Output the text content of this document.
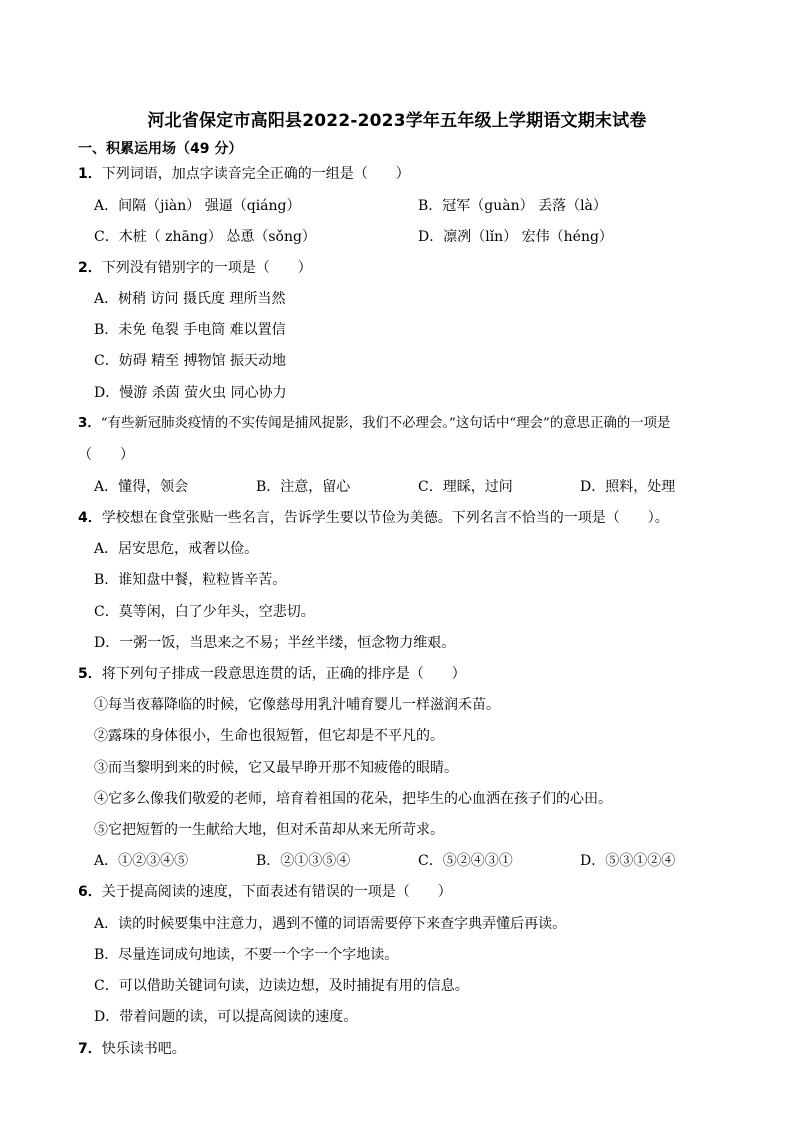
河北省保定市高阳县2022-2023学年五年级上学期语文期末试卷
一、积累运用场（49 分）
1．下列词语，加点字读音完全正确的一组是（　　）
A．间隔（jiàn） 强逼（qiáng）	B．冠军（guàn） 丢落（là）
C．木桩（ zhāng） 怂恿（sǒng）	D．凛冽（lǐn） 宏伟（héng）
2．下列没有错别字的一项是（　　）
A．树稍 访问 摄氏度 理所当然
B．未免 龟裂 手电筒 难以置信
C．妨碍 精至 搏物馆 振天动地
D．慢游 杀茵 萤火虫 同心协力
3．“有些新冠肺炎疫情的不实传闻是捕风捉影，我们不必理会。”这句话中“理会”的意思正确的一项是
（　　）
A．懂得，领会	B．注意，留心	C．理睬，过问	D．照料，处理
4．学校想在食堂张贴一些名言，告诉学生要以节俭为美德。下列名言不恰当的一项是（　　）。
A．居安思危，戒奢以俭。
B．谁知盘中餐，粒粒皆辛苦。
C．莫等闲，白了少年头，空悲切。
D．一粥一饭，当思来之不易；半丝半缕，恒念物力维艰。
5．将下列句子排成一段意思连贯的话，正确的排序是（　　）
①每当夜幕降临的时候，它像慈母用乳汁哺育婴儿一样滋润禾苗。
②露珠的身体很小，生命也很短暂，但它却是不平凡的。
③而当黎明到来的时候，它又最早睁开那不知疲倦的眼睛。
④它多么像我们敬爱的老师，培育着祖国的花朵，把毕生的心血洒在孩子们的心田。
⑤它把短暂的一生献给大地，但对禾苗却从来无所苛求。
A．①②③④⑤	B．②①③⑤④	C．⑤②④③①	D．⑤③①②④
6．关于提高阅读的速度，下面表述有错误的一项是（　　）
A．读的时候要集中注意力，遇到不懂的词语需要停下来查字典弄懂后再读。
B．尽量连词成句地读，不要一个字一个字地读。
C．可以借助关键词句读，边读边想，及时捕捉有用的信息。
D．带着问题的读，可以提高阅读的速度。
7．快乐读书吧。
